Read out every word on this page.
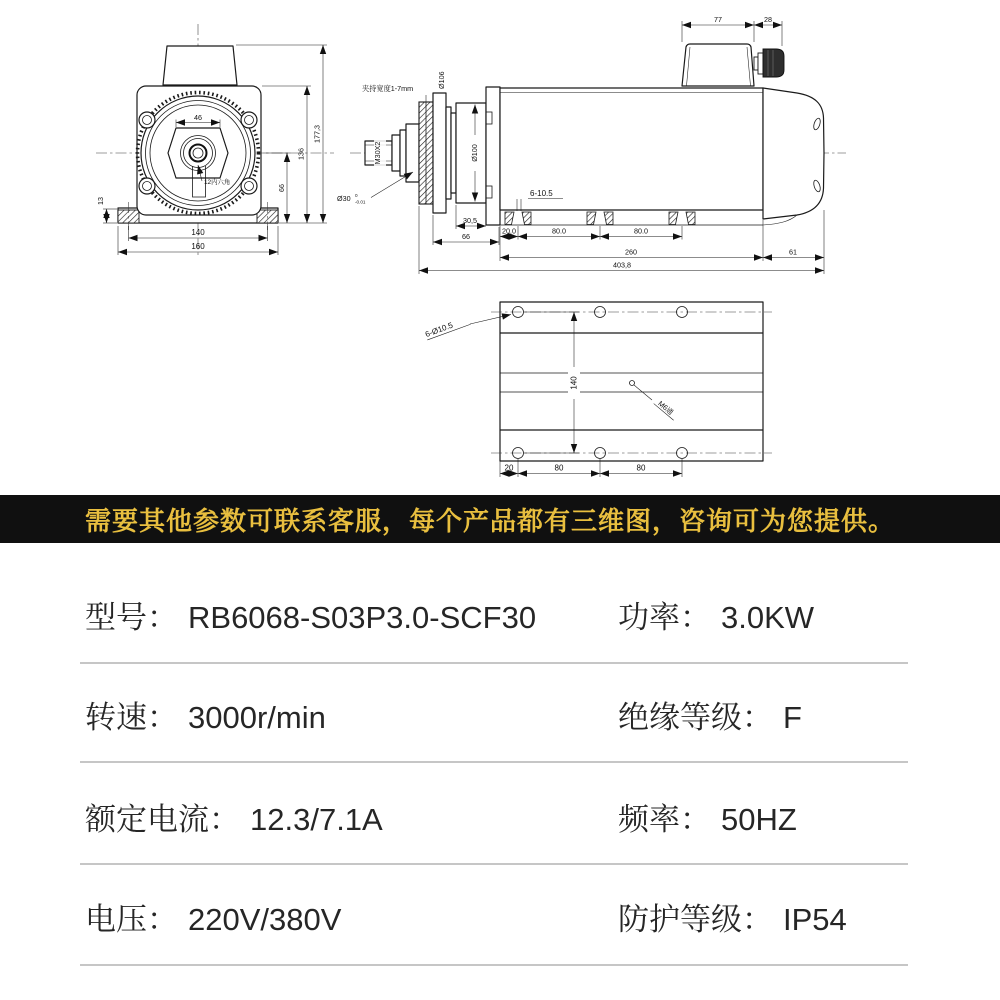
46
12内六角
13
140
160
66
136
177,3
77	28
夹持宽度1-7mm	Ø106
M30X2
Ø30 0
-0.01
Ø100
6-10.5
30,5
66
20.0	80.0	80.0
260	61
403,8
M6通
6-Ø10.5
140
20	80	80
需要其他参数可联系客服，每个产品都有三维图，咨询可为您提供。
型号： RB6068-S03P3.0-SCF30	功率： 3.0KW
转速： 3000r/min	绝缘等级： F
额定电流： 12.3/7.1A	频率： 50HZ
电压： 220V/380V	防护等级： IP54
